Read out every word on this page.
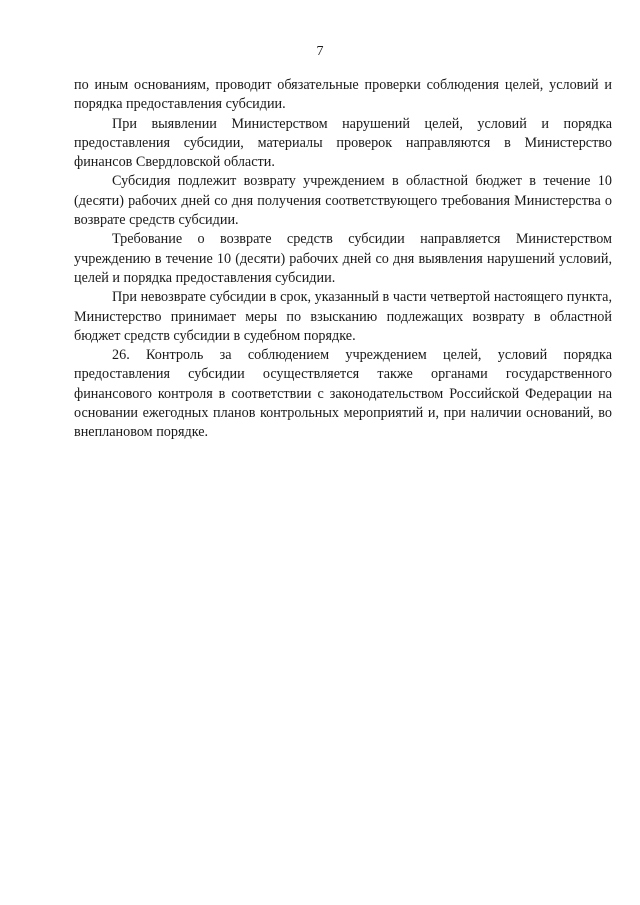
7

по иным основаниям, проводит обязательные проверки соблюдения целей, условий и порядка предоставления субсидии.

При выявлении Министерством нарушений целей, условий и порядка предоставления субсидии, материалы проверок направляются в Министерство финансов Свердловской области.

Субсидия подлежит возврату учреждением в областной бюджет в течение 10 (десяти) рабочих дней со дня получения соответствующего требования Министерства о возврате средств субсидии.

Требование о возврате средств субсидии направляется Министерством учреждению в течение 10 (десяти) рабочих дней со дня выявления нарушений условий, целей и порядка предоставления субсидии.

При невозврате субсидии в срок, указанный в части четвертой настоящего пункта, Министерство принимает меры по взысканию подлежащих возврату в областной бюджет средств субсидии в судебном порядке.

26. Контроль за соблюдением учреждением целей, условий порядка предоставления субсидии осуществляется также органами государственного финансового контроля в соответствии с законодательством Российской Федерации на основании ежегодных планов контрольных мероприятий и, при наличии оснований, во внеплановом порядке.
